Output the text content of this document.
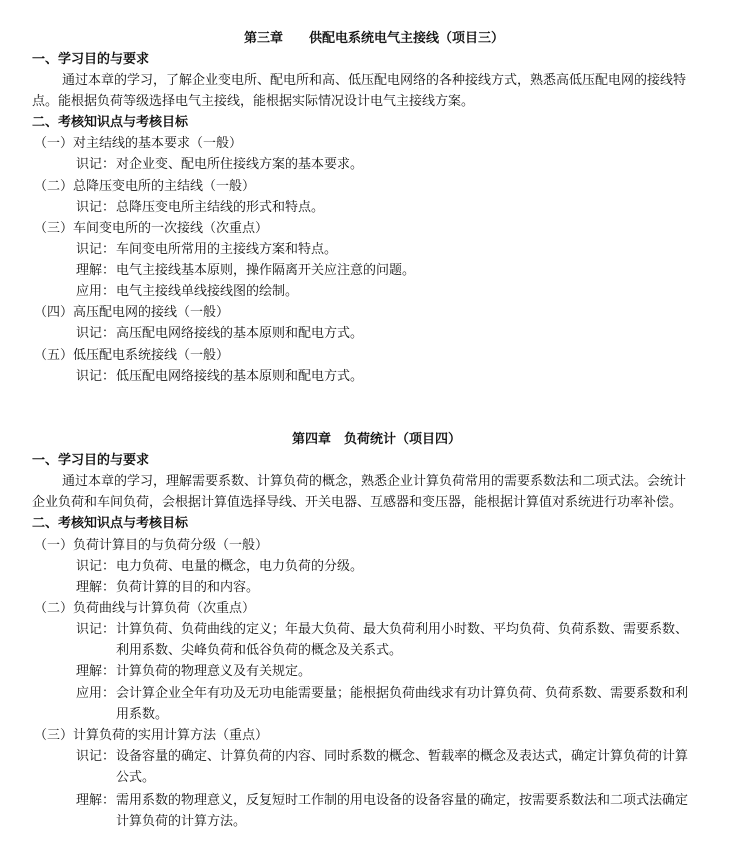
第三章　　供配电系统电气主接线（项目三）
一、学习目的与要求
通过本章的学习，了解企业变电所、配电所和高、低压配电网络的各种接线方式，熟悉高低压配电网的接线特
点。能根据负荷等级选择电气主接线，能根据实际情况设计电气主接线方案。
二、考核知识点与考核目标
（一）对主结线的基本要求（一般）
识记： 对企业变、配电所住接线方案的基本要求。
（二）总降压变电所的主结线（一般）
识记： 总降压变电所主结线的形式和特点。
（三）车间变电所的一次接线（次重点）
识记： 车间变电所常用的主接线方案和特点。
理解： 电气主接线基本原则，操作隔离开关应注意的问题。
应用： 电气主接线单线接线图的绘制。
（四）高压配电网的接线（一般）
识记： 高压配电网络接线的基本原则和配电方式。
（五）低压配电系统接线（一般）
识记： 低压配电网络接线的基本原则和配电方式。
第四章　负荷统计（项目四）
一、学习目的与要求
通过本章的学习，理解需要系数、计算负荷的概念，熟悉企业计算负荷常用的需要系数法和二项式法。会统计
企业负荷和车间负荷，会根据计算值选择导线、开关电器、互感器和变压器，能根据计算值对系统进行功率补偿。
二、考核知识点与考核目标
（一）负荷计算目的与负荷分级（一般）
识记： 电力负荷、电量的概念，电力负荷的分级。
理解： 负荷计算的目的和内容。
（二）负荷曲线与计算负荷（次重点）
识记： 计算负荷、负荷曲线的定义；年最大负荷、最大负荷利用小时数、平均负荷、负荷系数、需要系数、
利用系数、尖峰负荷和低谷负荷的概念及关系式。
理解： 计算负荷的物理意义及有关规定。
应用： 会计算企业全年有功及无功电能需要量；能根据负荷曲线求有功计算负荷、负荷系数、需要系数和利
用系数。
（三）计算负荷的实用计算方法（重点）
识记： 设备容量的确定、计算负荷的内容、同时系数的概念、暂载率的概念及表达式，确定计算负荷的计算
公式。
理解： 需用系数的物理意义，反复短时工作制的用电设备的设备容量的确定，按需要系数法和二项式法确定
计算负荷的计算方法。
